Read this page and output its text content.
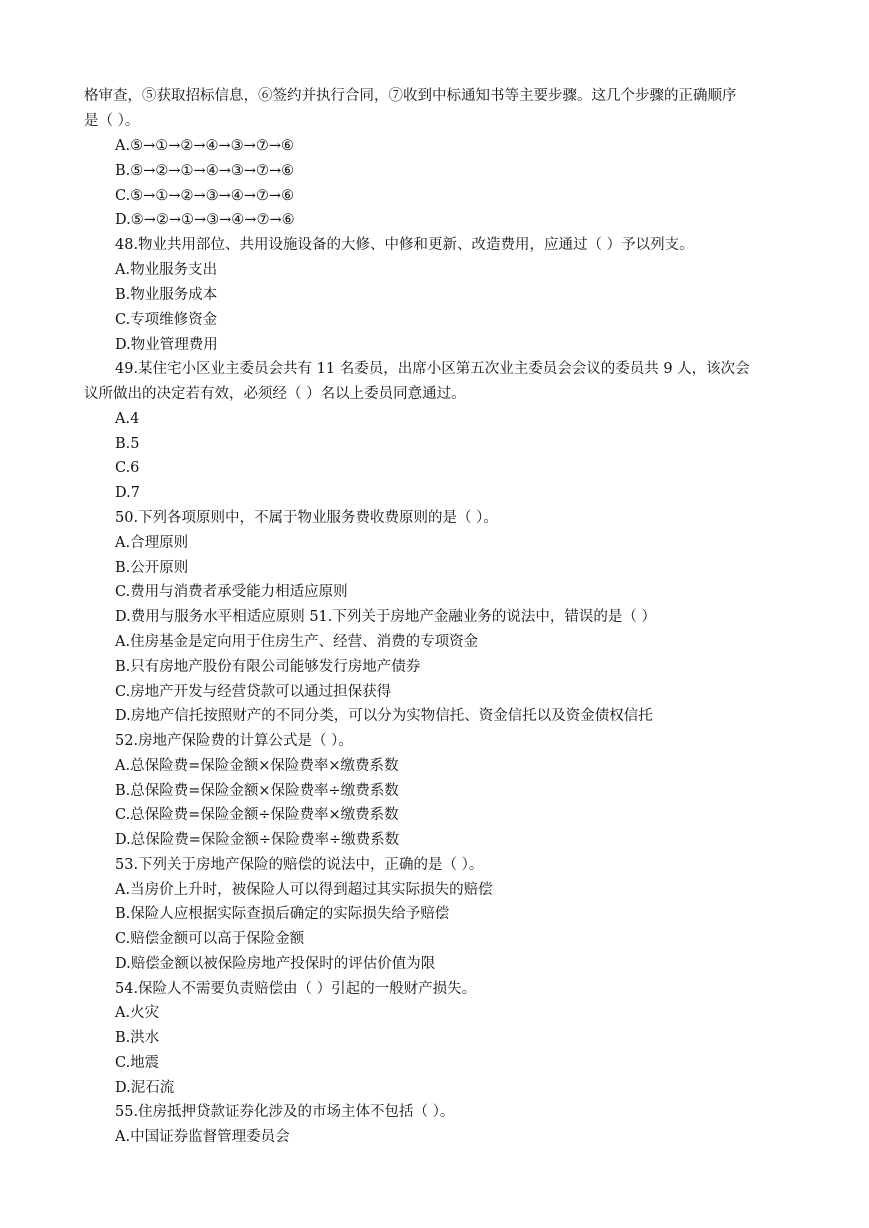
格审查，⑤获取招标信息，⑥签约并执行合同，⑦收到中标通知书等主要步骤。这几个步骤的正确顺序
是（ ）。
A.⑤→①→②→④→③→⑦→⑥
B.⑤→②→①→④→③→⑦→⑥
C.⑤→①→②→③→④→⑦→⑥
D.⑤→②→①→③→④→⑦→⑥
48.物业共用部位、共用设施设备的大修、中修和更新、改造费用，应通过（ ）予以列支。
A.物业服务支出
B.物业服务成本
C.专项维修资金
D.物业管理费用
49.某住宅小区业主委员会共有 11 名委员，出席小区第五次业主委员会会议的委员共 9 人，该次会
议所做出的决定若有效，必须经（ ）名以上委员同意通过。
A.4
B.5
C.6
D.7
50.下列各项原则中，不属于物业服务费收费原则的是（ ）。
A.合理原则
B.公开原则
C.费用与消费者承受能力相适应原则
D.费用与服务水平相适应原则 51.下列关于房地产金融业务的说法中，错误的是（ ）
A.住房基金是定向用于住房生产、经营、消费的专项资金
B.只有房地产股份有限公司能够发行房地产债券
C.房地产开发与经营贷款可以通过担保获得
D.房地产信托按照财产的不同分类，可以分为实物信托、资金信托以及资金债权信托
52.房地产保险费的计算公式是（ ）。
A.总保险费=保险金额×保险费率×缴费系数
B.总保险费=保险金额×保险费率÷缴费系数
C.总保险费=保险金额÷保险费率×缴费系数
D.总保险费=保险金额÷保险费率÷缴费系数
53.下列关于房地产保险的赔偿的说法中，正确的是（ ）。
A.当房价上升时，被保险人可以得到超过其实际损失的赔偿
B.保险人应根据实际查损后确定的实际损失给予赔偿
C.赔偿金额可以高于保险金额
D.赔偿金额以被保险房地产投保时的评估价值为限
54.保险人不需要负责赔偿由（ ）引起的一般财产损失。
A.火灾
B.洪水
C.地震
D.泥石流
55.住房抵押贷款证券化涉及的市场主体不包括（ ）。
A.中国证券监督管理委员会
